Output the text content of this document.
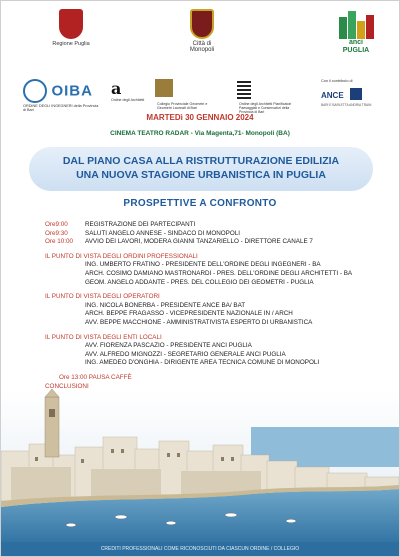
Regione Puglia	Città di
Monopoli
anci
PUGLIA
OIBA
ORDINE DEGLI INGEGNERI della Provincia di Bari
a
Ordine degli Architetti
Collegio Provinciale Geometri e Geometri Laureati di Bari
Ordine degli Architetti Pianificatori Paesaggisti e Conservatori della Provincia di Bari
Con il contributo di
ANCE
BARI E BARLETTA ANDRIA TRANI
MARTEDì 30 GENNAIO 2024
CINEMA TEATRO RADAR - Via Magenta,71- Monopoli (BA)
DAL PIANO CASA ALLA RISTRUTTURAZIONE EDILIZIA
UNA NUOVA STAGIONE URBANISTICA IN PUGLIA
PROSPETTIVE A CONFRONTO
Ore9:00	REGISTRAZIONE DEI PARTECIPANTI
Ore9:30	SALUTI ANGELO ANNESE - SINDACO DI MONOPOLI
Ore 10:00 AVVIO DEI LAVORI, MODERA GIANNI TANZARIELLO - DIRETTORE CANALE 7
IL PUNTO DI VISTA DEGLI ORDINI PROFESSIONALI
ING. UMBERTO FRATINO - PRESIDENTE DELL'ORDINE DEGLI INGEGNERI - BA
ARCH. COSIMO DAMIANO MASTRONARDI - PRES. DELL'ORDINE DEGLI ARCHITETTI - BA
GEOM. ANGELO ADDANTE - PRES. DEL COLLEGIO DEI GEOMETRI - PUGLIA
IL PUNTO DI VISTA DEGLI OPERATORI
ING. NICOLA BONERBA - PRESIDENTE ANCE BA/ BAT
ARCH. BEPPE FRAGASSO - VICEPRESIDENTE NAZIONALE IN / ARCH
AVV. BEPPE MACCHIONE - AMMINISTRATIVISTA ESPERTO DI URBANISTICA
IL PUNTO DI VISTA DEGLI ENTI LOCALI
AVV. FIORENZA PASCAZIO - PRESIDENTE ANCI PUGLIA
AVV. ALFREDO MIGNOZZI - SEGRETARIO GENERALE ANCI PUGLIA
ING. AMEDEO D'ONGHIA - DIRIGENTE AREA TECNICA COMUNE DI MONOPOLI
Ore 13:00 PAUSA CAFFÈ
CONCLUSIONI
CREDITI PROFESSIONALI COME RICONOSCIUTI DA CIASCUN ORDINE / COLLEGIO
